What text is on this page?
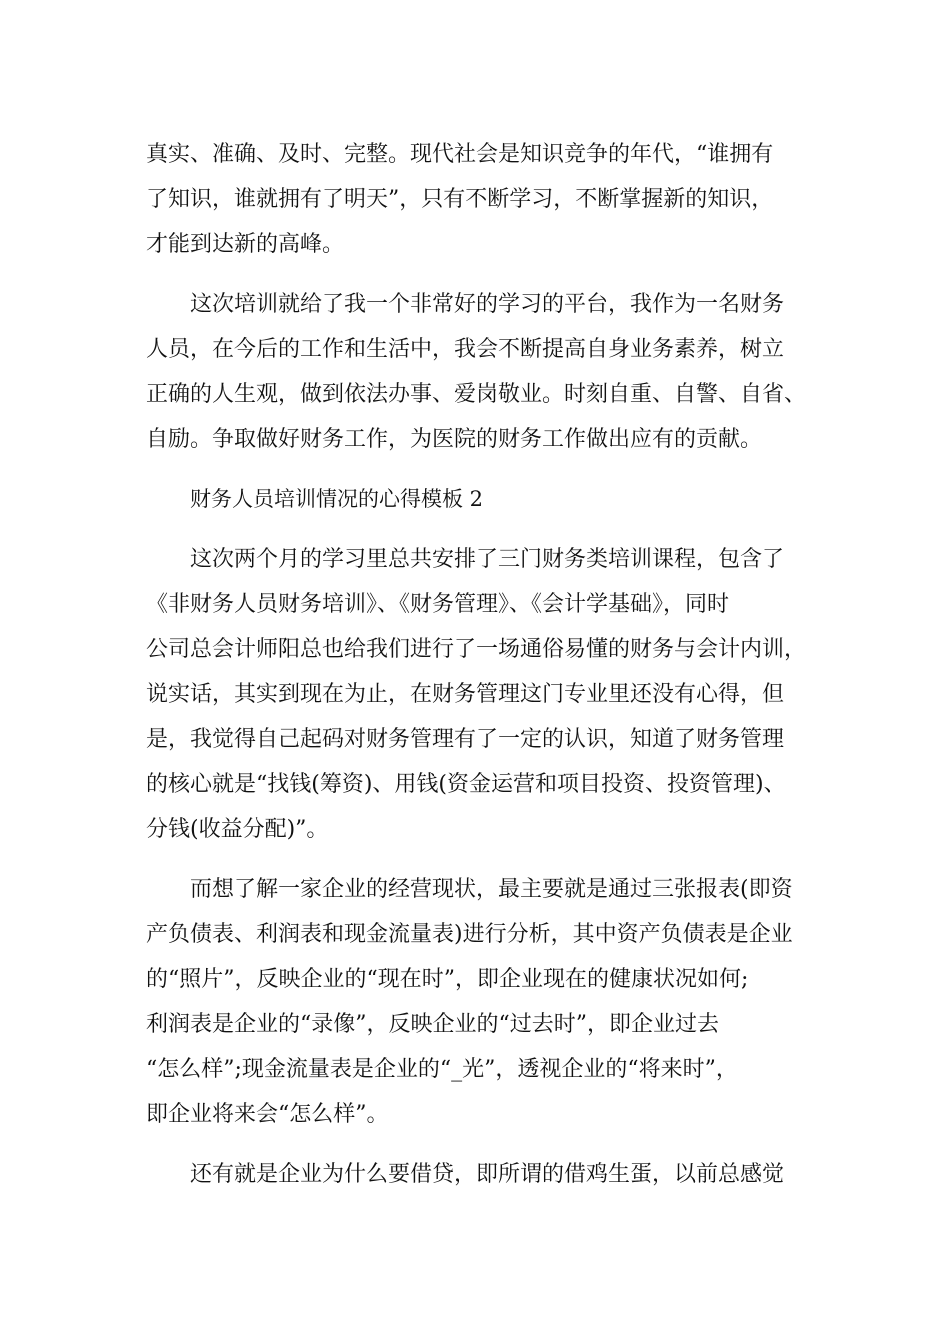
真实、准确、及时、完整。现代社会是知识竞争的年代，“谁拥有
了知识，谁就拥有了明天”，只有不断学习，不断掌握新的知识，
才能到达新的高峰。
这次培训就给了我一个非常好的学习的平台，我作为一名财务
人员，在今后的工作和生活中，我会不断提高自身业务素养，树立
正确的人生观，做到依法办事、爱岗敬业。时刻自重、自警、自省、
自励。争取做好财务工作，为医院的财务工作做出应有的贡献。
财务人员培训情况的心得模板 2
这次两个月的学习里总共安排了三门财务类培训课程，包含了
《非财务人员财务培训》、《财务管理》、《会计学基础》，同时
公司总会计师阳总也给我们进行了一场通俗易懂的财务与会计内训，
说实话，其实到现在为止，在财务管理这门专业里还没有心得，但
是，我觉得自己起码对财务管理有了一定的认识，知道了财务管理
的核心就是“找钱(筹资)、用钱(资金运营和项目投资、投资管理)、
分钱(收益分配)”。
而想了解一家企业的经营现状，最主要就是通过三张报表(即资
产负债表、利润表和现金流量表)进行分析，其中资产负债表是企业
的“照片”，反映企业的“现在时”，即企业现在的健康状况如何;
利润表是企业的“录像”，反映企业的“过去时”，即企业过去
“怎么样”;现金流量表是企业的“_光”，透视企业的“将来时”，
即企业将来会“怎么样”。
还有就是企业为什么要借贷，即所谓的借鸡生蛋，以前总感觉
